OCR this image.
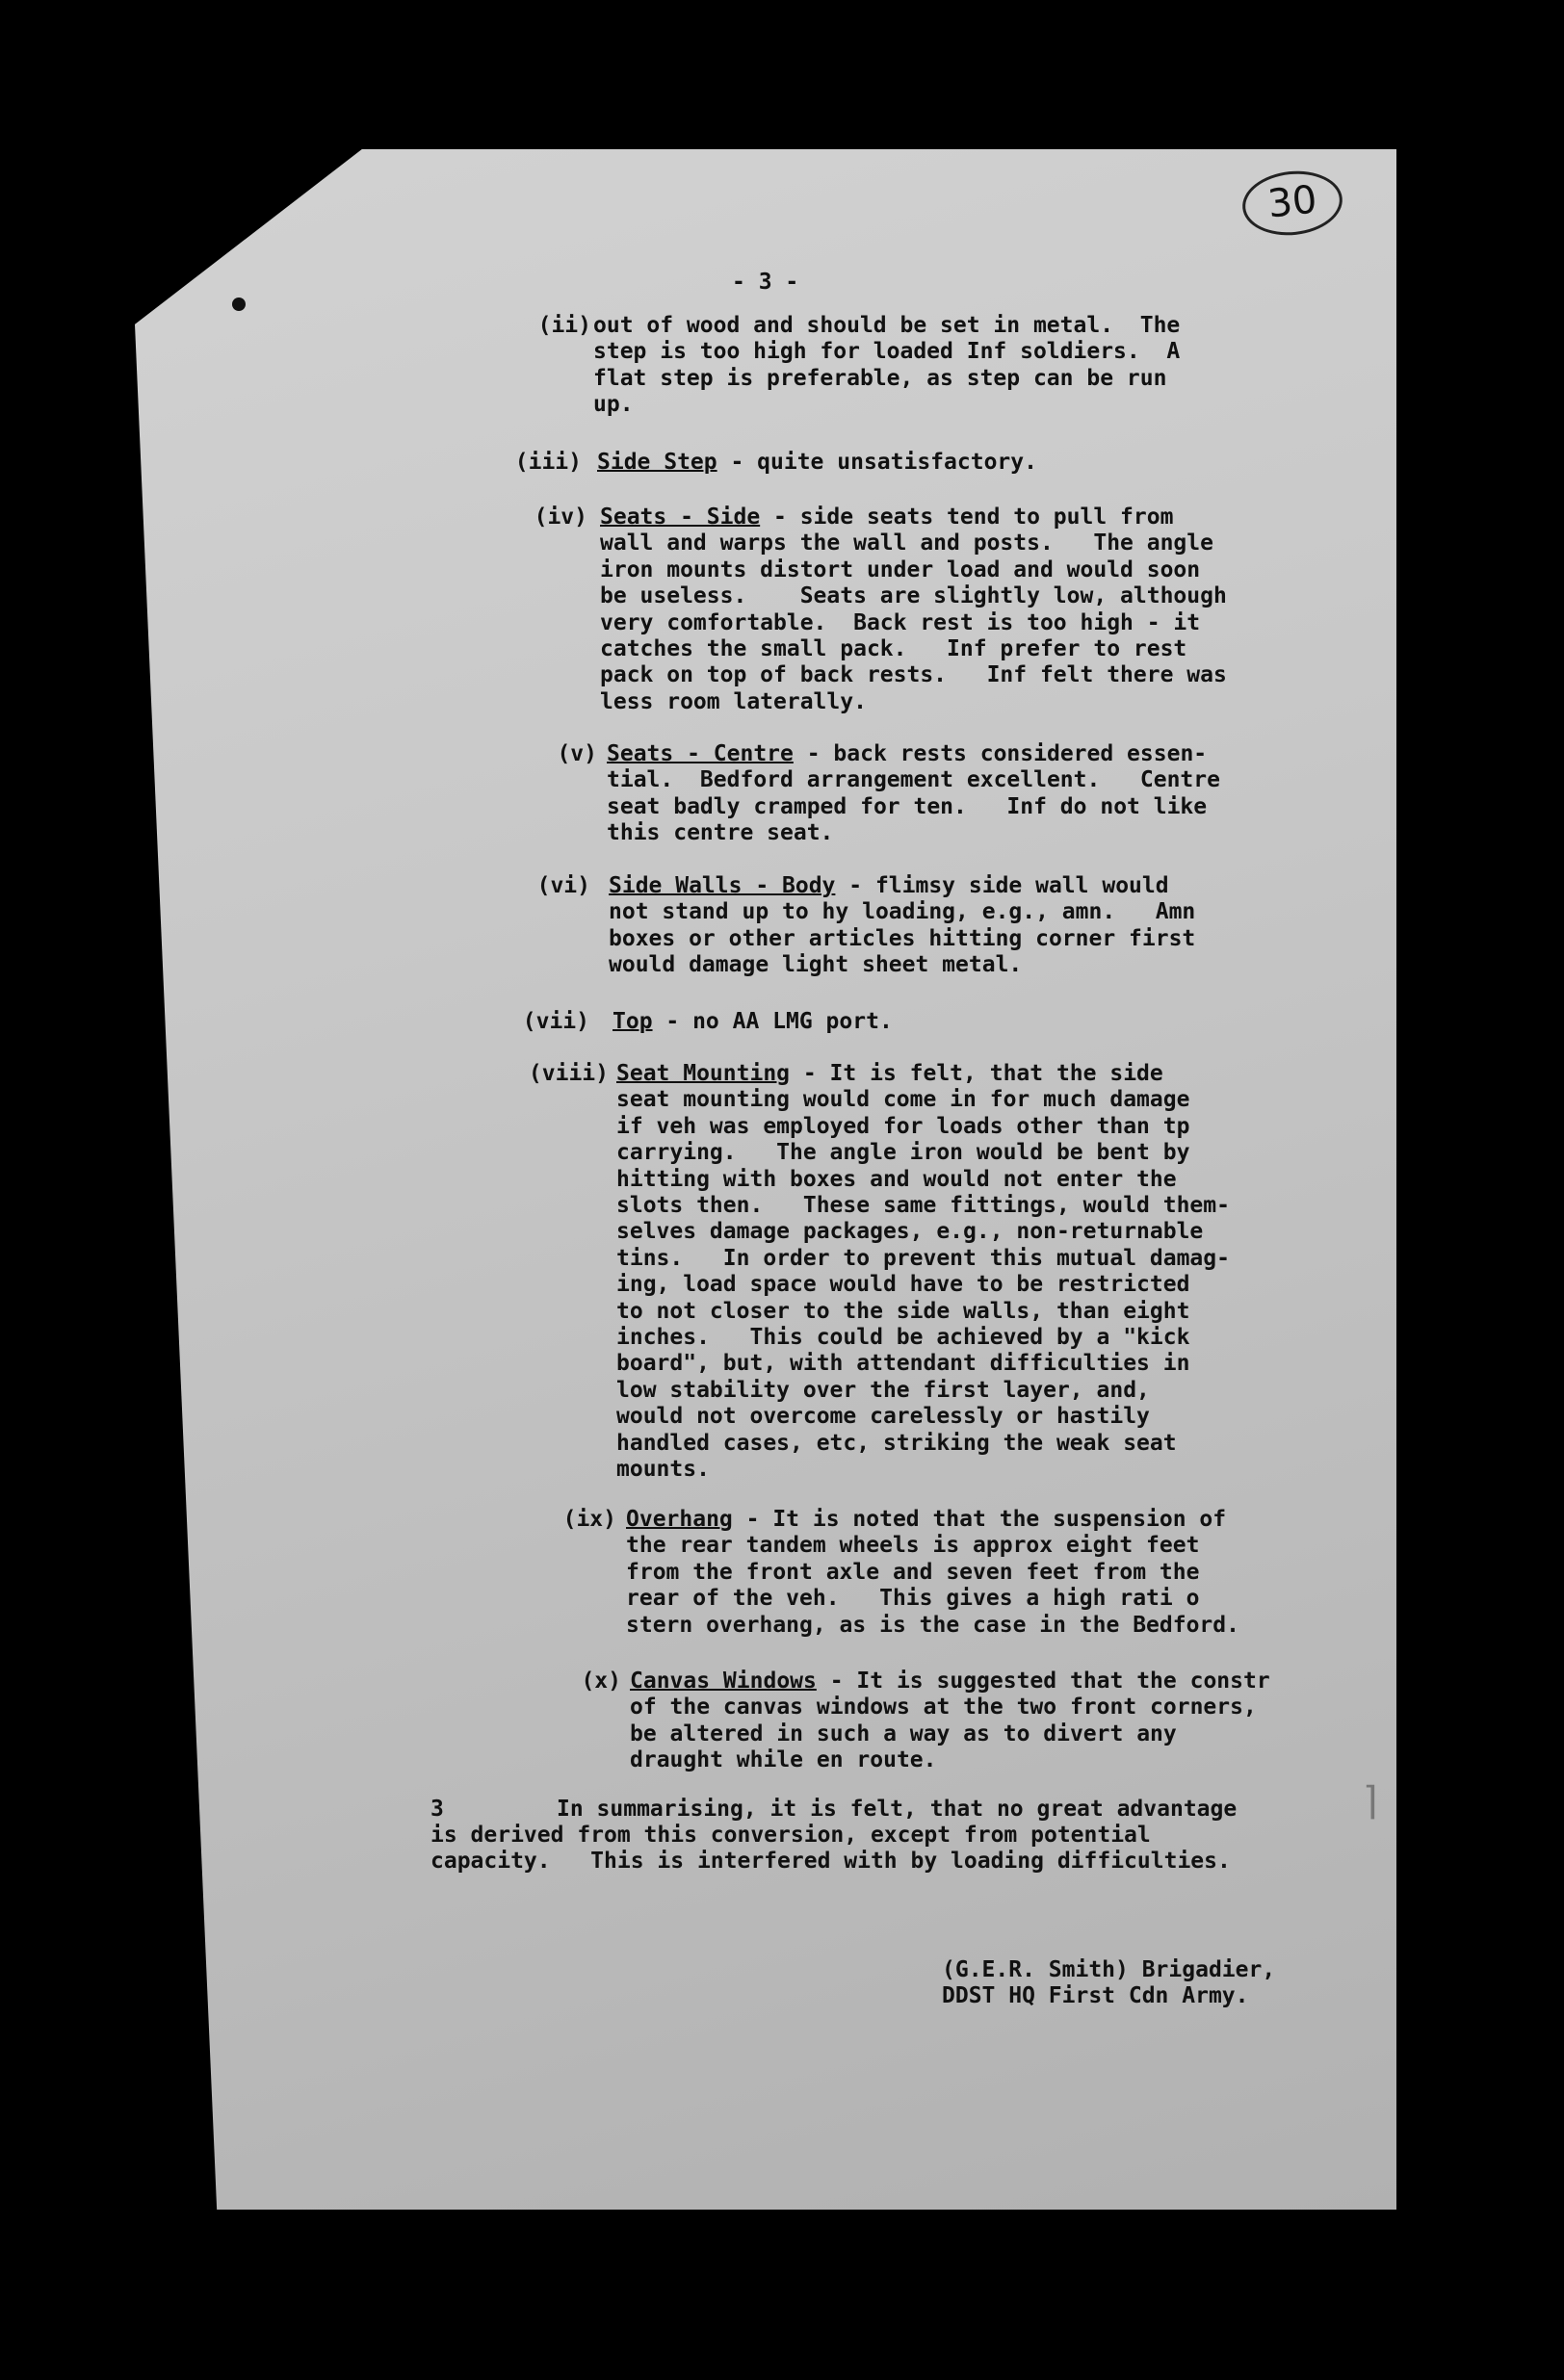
30
- 3 -
(ii) out of wood and should be set in metal.  The
step is too high for loaded Inf soldiers.  A
flat step is preferable, as step can be run
up.
(iii) Side Step - quite unsatisfactory.
(iv) Seats - Side - side seats tend to pull from
wall and warps the wall and posts.   The angle
iron mounts distort under load and would soon
be useless.    Seats are slightly low, although
very comfortable.  Back rest is too high - it
catches the small pack.   Inf prefer to rest
pack on top of back rests.   Inf felt there was
less room laterally.
(v) Seats - Centre - back rests considered essen-
tial.  Bedford arrangement excellent.   Centre
seat badly cramped for ten.   Inf do not like
this centre seat.
(vi) Side Walls - Body - flimsy side wall would
not stand up to hy loading, e.g., amn.   Amn
boxes or other articles hitting corner first
would damage light sheet metal.
(vii) Top - no AA LMG port.
(viii) Seat Mounting - It is felt, that the side
seat mounting would come in for much damage
if veh was employed for loads other than tp
carrying.   The angle iron would be bent by
hitting with boxes and would not enter the
slots then.   These same fittings, would them-
selves damage packages, e.g., non-returnable
tins.   In order to prevent this mutual damag-
ing, load space would have to be restricted
to not closer to the side walls, than eight
inches.   This could be achieved by a "kick
board", but, with attendant difficulties in
low stability over the first layer, and,
would not overcome carelessly or hastily
handled cases, etc, striking the weak seat
mounts.
(ix) Overhang - It is noted that the suspension of
the rear tandem wheels is approx eight feet
from the front axle and seven feet from the
rear of the veh.   This gives a high rati o
stern overhang, as is the case in the Bedford.
(x) Canvas Windows - It is suggested that the constr
of the canvas windows at the two front corners,
be altered in such a way as to divert any
draught while en route.
3	In summarising, it is felt, that no great advantage
is derived from this conversion, except from potential
capacity.   This is interfered with by loading difficulties.
⌉
(G.E.R. Smith) Brigadier,
DDST HQ First Cdn Army.
